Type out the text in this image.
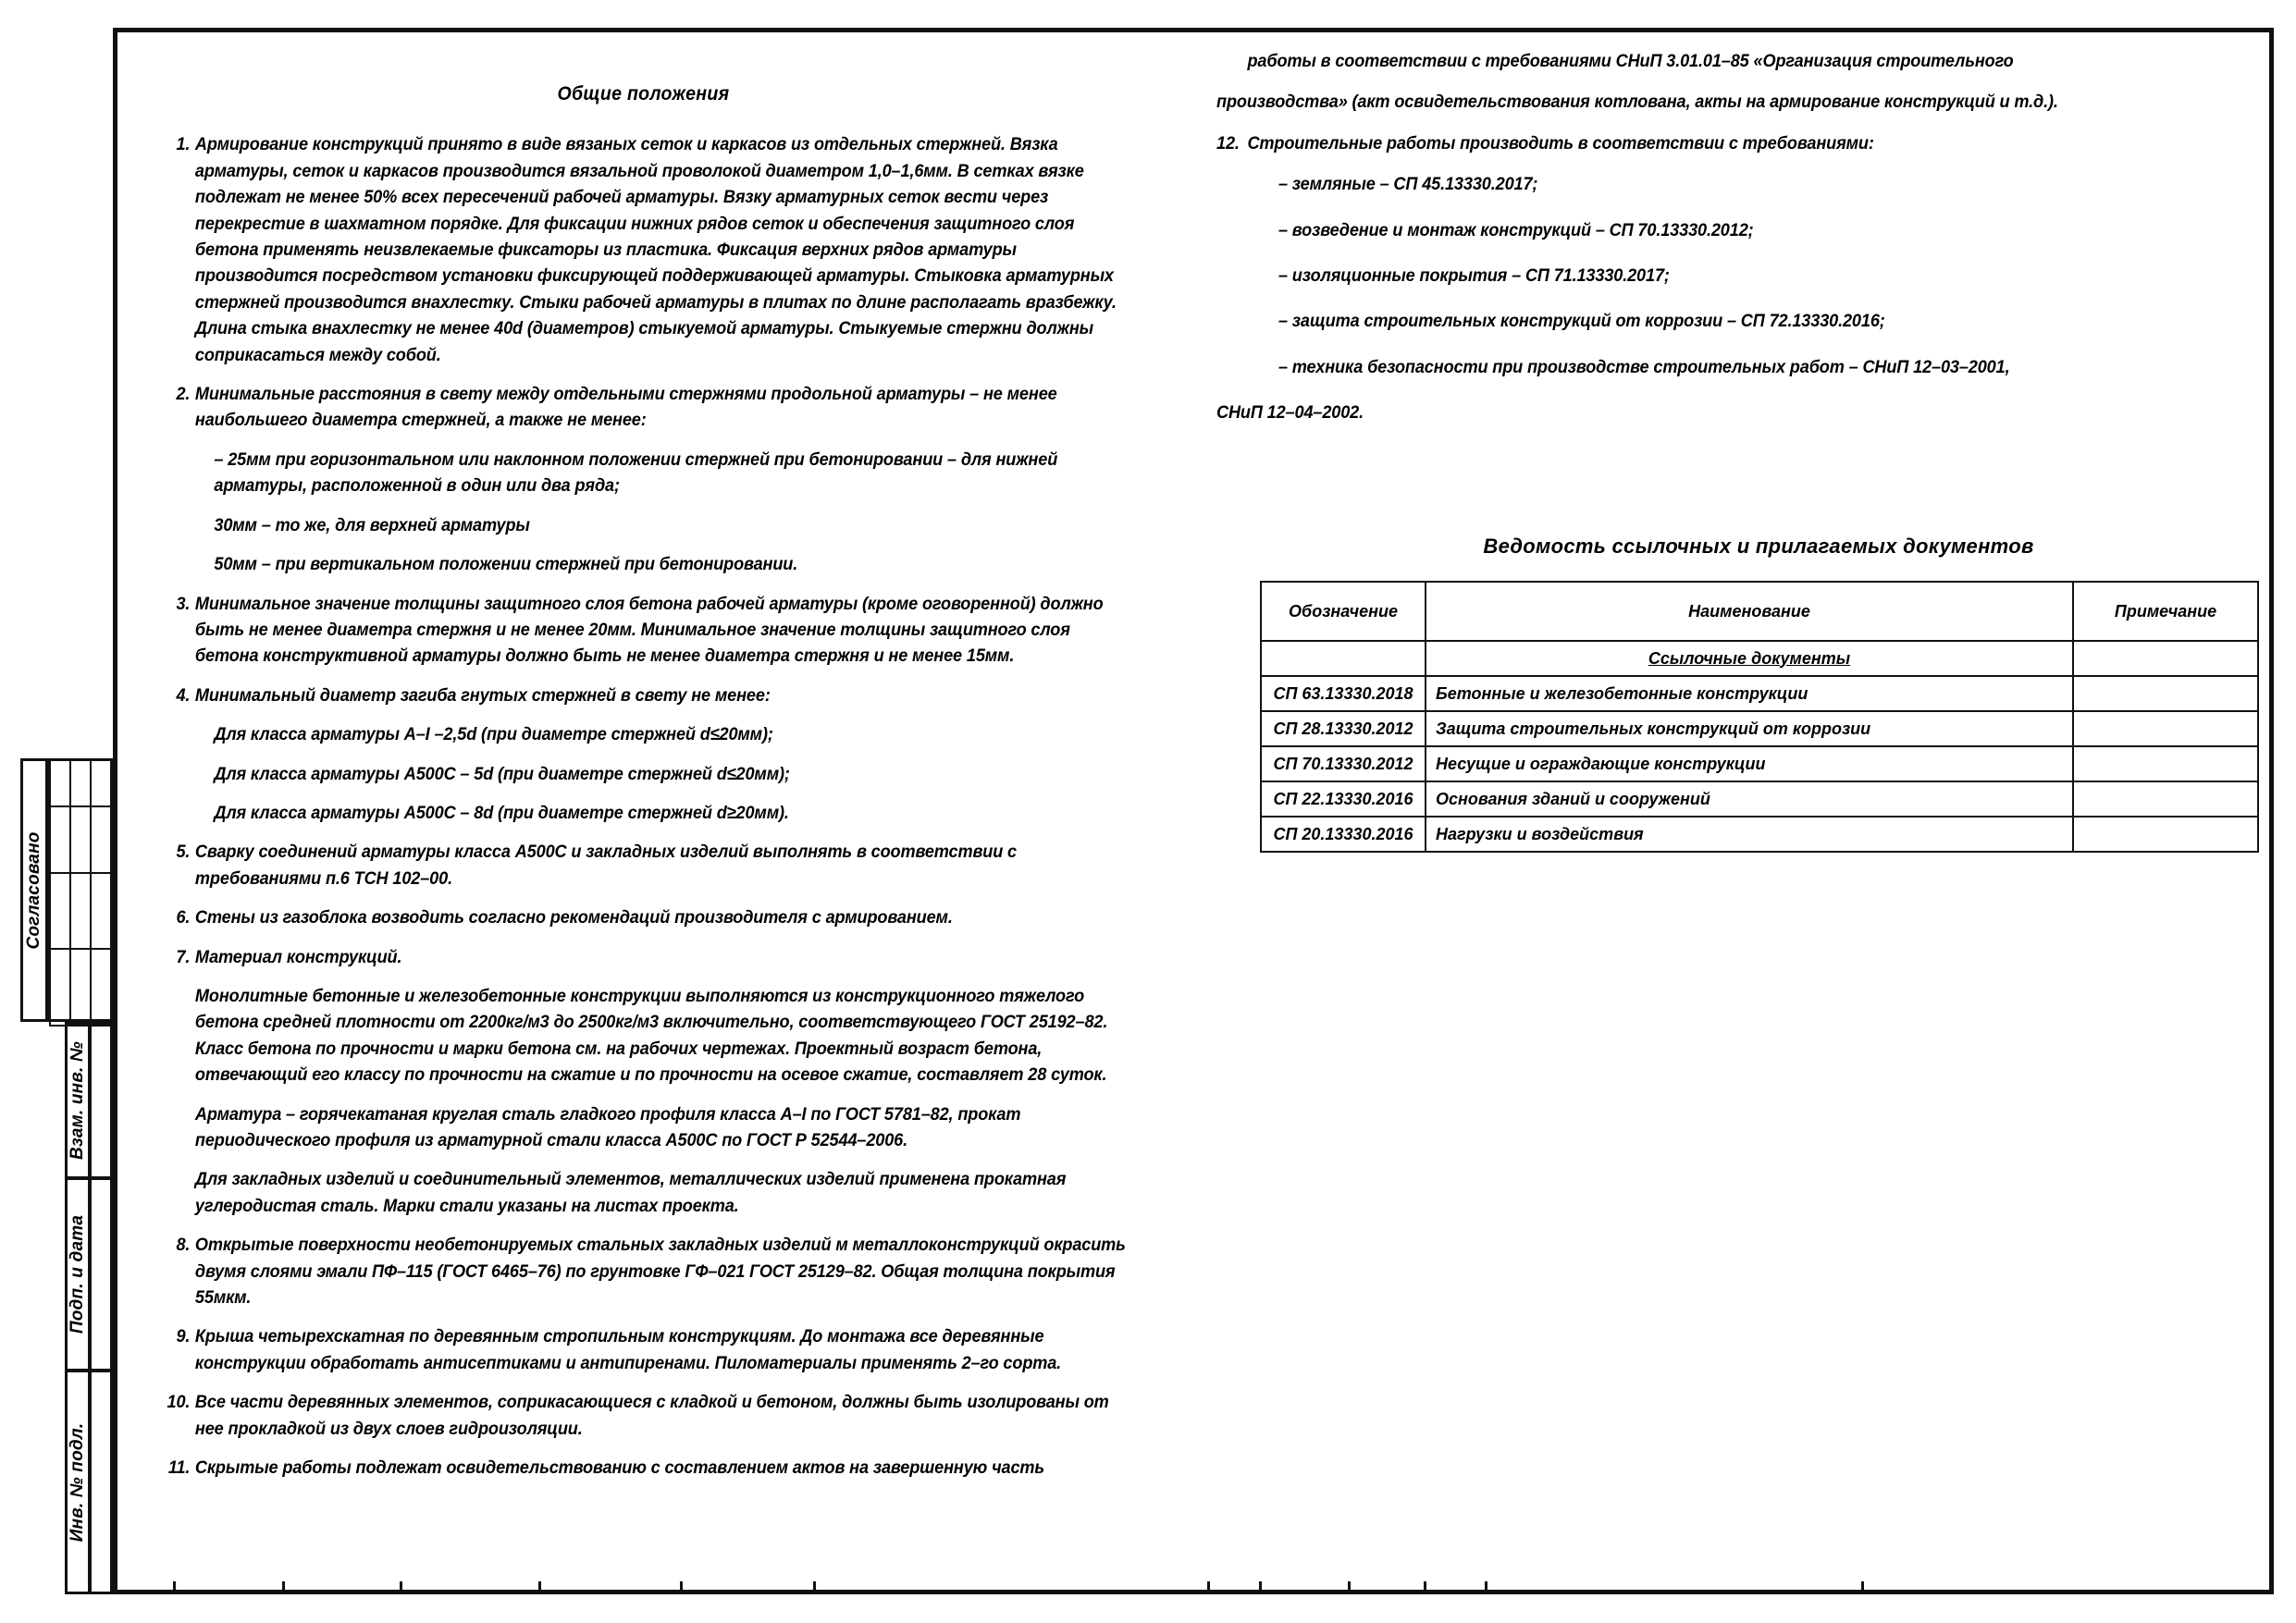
Согласовано
Взам. инв. №
Подп. и дата
Инв. № подл.
Общие положения
1. Армирование конструкций принято в виде вязаных сеток и каркасов из отдельных стержней. Вязка арматуры, сеток и каркасов производится вязальной проволокой диаметром 1,0–1,6мм. В сетках вязке подлежат не менее 50% всех пересечений рабочей арматуры. Вязку арматурных сеток вести через перекрестие в шахматном порядке. Для фиксации нижних рядов сеток и обеспечения защитного слоя бетона применять неизвлекаемые фиксаторы из пластика. Фиксация верхних рядов арматуры производится посредством установки фиксирующей поддерживающей арматуры. Стыковка арматурных стержней производится внахлестку. Стыки рабочей арматуры в плитах по длине располагать вразбежку. Длина стыка внахлестку не менее 40d (диаметров) стыкуемой арматуры. Стыкуемые стержни должны соприкасаться между собой.

2. Минимальные расстояния в свету между отдельными стержнями продольной арматуры – не менее наибольшего диаметра стержней, а также не менее:

– 25мм при горизонтальном или наклонном положении стержней при бетонировании – для нижней арматуры, расположенной в один или два ряда;

30мм – то же, для верхней арматуры

50мм – при вертикальном положении стержней при бетонировании.

3. Минимальное значение толщины защитного слоя бетона рабочей арматуры (кроме оговоренной) должно быть не менее диаметра стержня и не менее 20мм. Минимальное значение толщины защитного слоя бетона конструктивной арматуры должно быть не менее диаметра стержня и не менее 15мм.

4. Минимальный диаметр загиба гнутых стержней в свету не менее:

Для класса арматуры А–I –2,5d (при диаметре стержней d≤20мм);

Для класса арматуры А500С – 5d (при диаметре стержней d≤20мм);

Для класса арматуры А500С – 8d (при диаметре стержней d≥20мм).

5. Сварку соединений арматуры класса А500С и закладных изделий выполнять в соответствии с требованиями п.6 ТСН 102–00.

6. Стены из газоблока возводить согласно рекомендаций производителя с армированием.

7. Материал конструкций.

Монолитные бетонные и железобетонные конструкции выполняются из конструкционного тяжелого бетона средней плотности от 2200кг/м3 до 2500кг/м3 включительно, соответствующего ГОСТ 25192–82. Класс бетона по прочности и марки бетона см. на рабочих чертежах. Проектный возраст бетона, отвечающий его классу по прочности на сжатие и по прочности на осевое сжатие, составляет 28 суток.

Арматура – горячекатаная круглая сталь гладкого профиля класса А–I по ГОСТ 5781–82, прокат периодического профиля из арматурной стали класса А500С по ГОСТ Р 52544–2006.

Для закладных изделий и соединительный элементов, металлических изделий применена прокатная углеродистая сталь. Марки стали указаны на листах проекта.

8. Открытые поверхности необетонируемых стальных закладных изделий м металлоконструкций окрасить двумя слоями эмали ПФ–115 (ГОСТ 6465–76) по грунтовке ГФ–021 ГОСТ 25129–82. Общая толщина покрытия 55мкм.

9. Крыша четырехскатная по деревянным стропильным конструкциям. До монтажа все деревянные конструкции обработать антисептиками и антипиренами. Пиломатериалы применять 2–го сорта.

10. Все части деревянных элементов, соприкасающиеся с кладкой и бетоном, должны быть изолированы от нее прокладкой из двух слоев гидроизоляции.

11. Скрытые работы подлежат освидетельствованию с составлением актов на завершенную часть

работы в соответствии с требованиями СНиП 3.01.01–85 «Организация строительного

производства» (акт освидетельствования котлована, акты на армирование конструкций и т.д.).

12. Строительные работы производить в соответствии с требованиями:

– земляные – СП 45.13330.2017;

– возведение и монтаж конструкций – СП 70.13330.2012;

– изоляционные покрытия – СП 71.13330.2017;

– защита строительных конструкций от коррозии – СП 72.13330.2016;

– техника безопасности при производстве строительных работ – СНиП 12–03–2001,

СНиП 12–04–2002.

Ведомость ссылочных и прилагаемых документов
Обозначение	Наименование	Примечание
	Ссылочные документы	
СП 63.13330.2018	Бетонные и железобетонные конструкции	
СП 28.13330.2012	Защита строительных конструкций от коррозии	
СП 70.13330.2012	Несущие и ограждающие конструкции	
СП 22.13330.2016	Основания зданий и сооружений	
СП 20.13330.2016	Нагрузки и воздействия	
